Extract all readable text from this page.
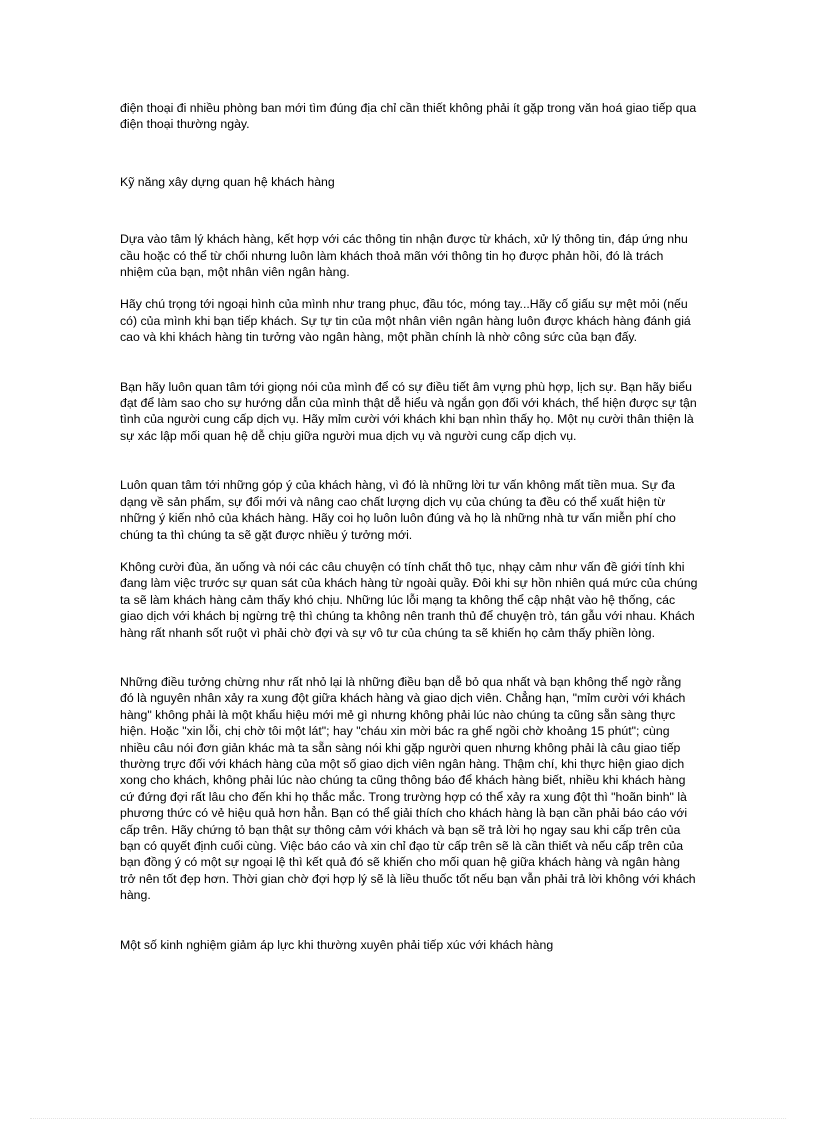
điện thoại đi nhiều phòng ban mới tìm đúng địa chỉ cần thiết không phải ít gặp trong văn hoá giao tiếp qua điện thoại thường ngày.

Kỹ năng xây dựng quan hệ khách hàng

Dựa vào tâm lý khách hàng, kết hợp với các thông tin nhận được từ khách, xử lý thông tin, đáp ứng nhu cầu hoặc có thể từ chối nhưng luôn làm khách thoả mãn với thông tin họ được phản hồi, đó là trách nhiệm của bạn, một nhân viên ngân hàng.

Hãy chú trọng tới ngoại hình của mình như trang phục, đầu tóc, móng tay...Hãy cố giấu sự mệt mỏi (nếu có) của mình khi bạn tiếp khách. Sự tự tin của một nhân viên ngân hàng luôn được khách hàng đánh giá cao và khi khách hàng tin tưởng vào ngân hàng, một phần chính là nhờ công sức của bạn đấy.

Bạn hãy luôn quan tâm tới giọng nói của mình để có sự điều tiết âm vựng phù hợp, lịch sự. Bạn hãy biểu đạt để làm sao cho sự hướng dẫn của mình thật dễ hiểu và ngắn gọn đối với khách, thể hiện được sự tận tình của người cung cấp dịch vụ. Hãy mỉm cười với khách khi bạn nhìn thấy họ. Một nụ cười thân thiện là sự xác lập mối quan hệ dễ chịu giữa người mua dịch vụ và người cung cấp dịch vụ.

Luôn quan tâm tới những góp ý của khách hàng, vì đó là những lời tư vấn không mất tiền mua. Sự đa dạng về sản phẩm, sự đổi mới và nâng cao chất lượng dịch vụ của chúng ta đều có thể xuất hiện từ những ý kiến nhỏ của khách hàng. Hãy coi họ luôn luôn đúng và họ là những nhà tư vấn miễn phí cho chúng ta thì chúng ta sẽ gặt được nhiều ý tưởng mới.

Không cười đùa, ăn uống và nói các câu chuyện có tính chất thô tục, nhạy cảm như vấn đề giới tính khi đang làm việc trước sự quan sát của khách hàng từ ngoài quầy. Đôi khi sự hồn nhiên quá mức của chúng ta sẽ làm khách hàng cảm thấy khó chịu. Những lúc lỗi mạng ta không thể cập nhật vào hệ thống, các giao dịch với khách bị ngừng trệ thì chúng ta không nên tranh thủ để chuyện trò, tán gẫu với nhau. Khách hàng rất nhanh sốt ruột vì phải chờ đợi và sự vô tư của chúng ta sẽ khiến họ cảm thấy phiền lòng.

Những điều tưởng chừng như rất nhỏ lại là những điều bạn dễ bỏ qua nhất và bạn không thể ngờ rằng đó là nguyên nhân xảy ra xung đột giữa khách hàng và giao dịch viên. Chẳng hạn, "mỉm cười với khách hàng" không phải là một khẩu hiệu mới mẻ gì nhưng không phải lúc nào chúng ta cũng sẵn sàng thực hiện. Hoặc "xin lỗi, chị chờ tôi một lát"; hay "cháu xin mời bác ra ghế ngồi chờ khoảng 15 phút"; cùng nhiều câu nói đơn giản khác mà ta sẵn sàng nói khi gặp người quen nhưng không phải là câu giao tiếp thường trực đối với khách hàng của một số giao dịch viên ngân hàng. Thậm chí, khi thực hiện giao dịch xong cho khách, không phải lúc nào chúng ta cũng thông báo để khách hàng biết, nhiều khi khách hàng cứ đứng đợi rất lâu cho đến khi họ thắc mắc. Trong trường hợp có thể xảy ra xung đột thì "hoãn binh" là phương thức có vẻ hiệu quả hơn hẳn. Bạn có thể giải thích cho khách hàng là bạn cần phải báo cáo với cấp trên. Hãy chứng tỏ bạn thật sự thông cảm với khách và bạn sẽ trả lời họ ngay sau khi cấp trên của bạn có quyết định cuối cùng. Việc báo cáo và xin chỉ đạo từ cấp trên sẽ là cần thiết và nếu cấp trên của bạn đồng ý có một sự ngoại lệ thì kết quả đó sẽ khiến cho mối quan hệ giữa khách hàng và ngân hàng trở nên tốt đẹp hơn. Thời gian chờ đợi hợp lý sẽ là liều thuốc tốt nếu bạn vẫn phải trả lời không với khách hàng.

Một số kinh nghiệm giảm áp lực khi thường xuyên phải tiếp xúc với khách hàng
